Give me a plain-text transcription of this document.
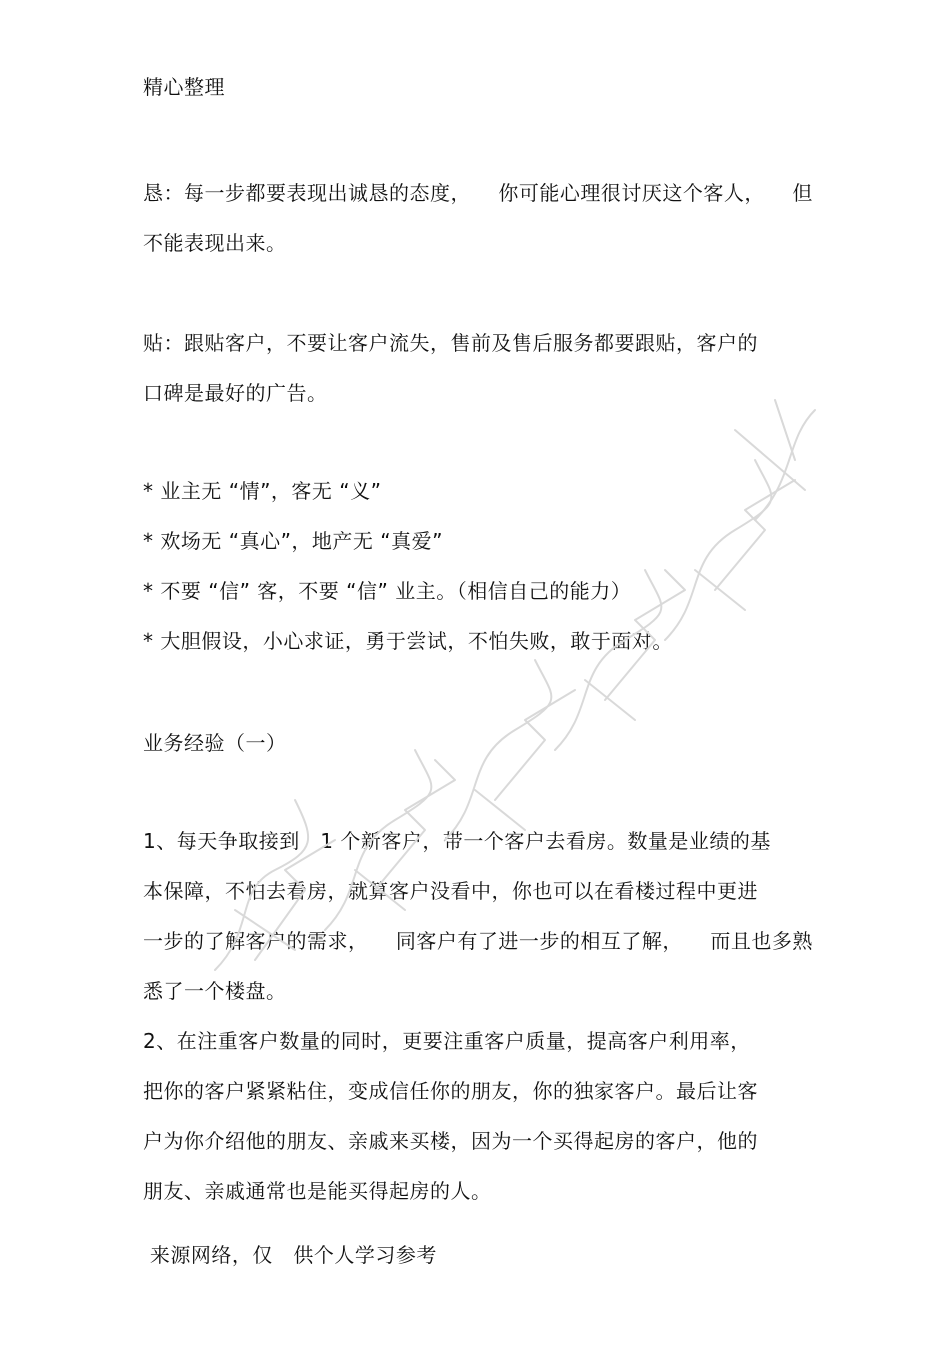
精心整理
恳：每一步都要表现出诚恳的态度，    你可能心理很讨厌这个客人，    但
不能表现出来。
贴：跟贴客户，不要让客户流失，售前及售后服务都要跟贴，客户的
口碑是最好的广告。
* 业主无 “情”，客无 “义”
* 欢场无 “真心”，地产无 “真爱”
* 不要 “信” 客，不要 “信” 业主。（相信自己的能力）
* 大胆假设，小心求证，勇于尝试，不怕失败，敢于面对。
业务经验（一）
1、每天争取接到   1 个新客户，带一个客户去看房。数量是业绩的基
本保障，不怕去看房，就算客户没看中，你也可以在看楼过程中更进
一步的了解客户的需求，    同客户有了进一步的相互了解，    而且也多熟
悉了一个楼盘。
2、在注重客户数量的同时，更要注重客户质量，提高客户利用率，
把你的客户紧紧粘住，变成信任你的朋友，你的独家客户。最后让客
户为你介绍他的朋友、亲戚来买楼，因为一个买得起房的客户，他的
朋友、亲戚通常也是能买得起房的人。
来源网络，仅   供个人学习参考
